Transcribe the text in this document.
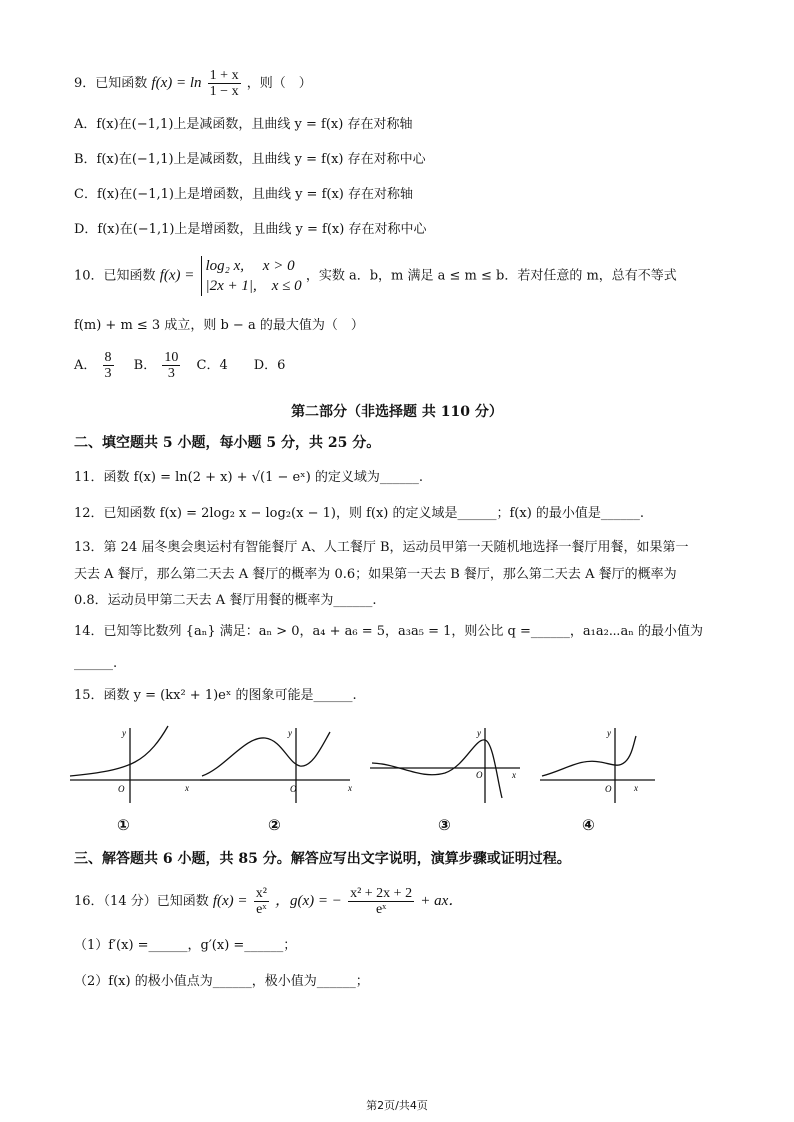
9．已知函数 $f(x) = \ln \frac{1 + x}{1 - x}$ ，则（　）
A．f(x)在(−1,1)上是减函数，且曲线 y = f(x) 存在对称轴
B．f(x)在(−1,1)上是减函数，且曲线 y = f(x) 存在对称中心
C．f(x)在(−1,1)上是增函数，且曲线 y = f(x) 存在对称轴
D．f(x)在(−1,1)上是增函数，且曲线 y = f(x) 存在对称中心
10．已知函数 f(x) =
log₂ x,　 x > 0
|2x + 1|,　x ≤ 0
，实数 a．b，m 满足 a ≤ m ≤ b．若对任意的 m，总有不等式
f(m) + m ≤ 3 成立，则 b − a 的最大值为（　）
A． $\frac{8}{3}$ B． $\frac{10}{3}$ C．4　　D．6
第二部分（非选择题 共 110 分）
二、填空题共 5 小题，每小题 5 分，共 25 分。
11．函数 f(x) = ln(2 + x) + √(1 − eˣ) 的定义域为______.
12．已知函数 f(x) = 2log₂ x − log₂(x − 1)，则 f(x) 的定义域是______；f(x) 的最小值是______.
13．第 24 届冬奥会奥运村有智能餐厅 A、人工餐厅 B，运动员甲第一天随机地选择一餐厅用餐，如果第一
天去 A 餐厅，那么第二天去 A 餐厅的概率为 0.6；如果第一天去 B 餐厅，那么第二天去 A 餐厅的概率为
0.8．运动员甲第二天去 A 餐厅用餐的概率为______.
14．已知等比数列 {aₙ} 满足：aₙ > 0，a₄ + a₆ = 5，a₃a₅ = 1，则公比 q =______，a₁a₂⋯aₙ 的最小值为
______.
15．函数 y = (kx² + 1)eˣ 的图象可能是______.
y
x
O
y
x
O
y
x
O
y
x
O
①	②	③	④
三、解答题共 6 小题，共 85 分。解答应写出文字说明，演算步骤或证明过程。
16．（14 分）已知函数 $f(x) = \frac{\text{x²}}{\text{eˣ}}$ ，g(x) = − $\frac{\text{x² + 2x + 2}}{\text{eˣ}}$ + ax．
（1）f′(x) =______，g′(x) =______；
（2）f(x) 的极小值点为______，极小值为______；
第2页/共4页
